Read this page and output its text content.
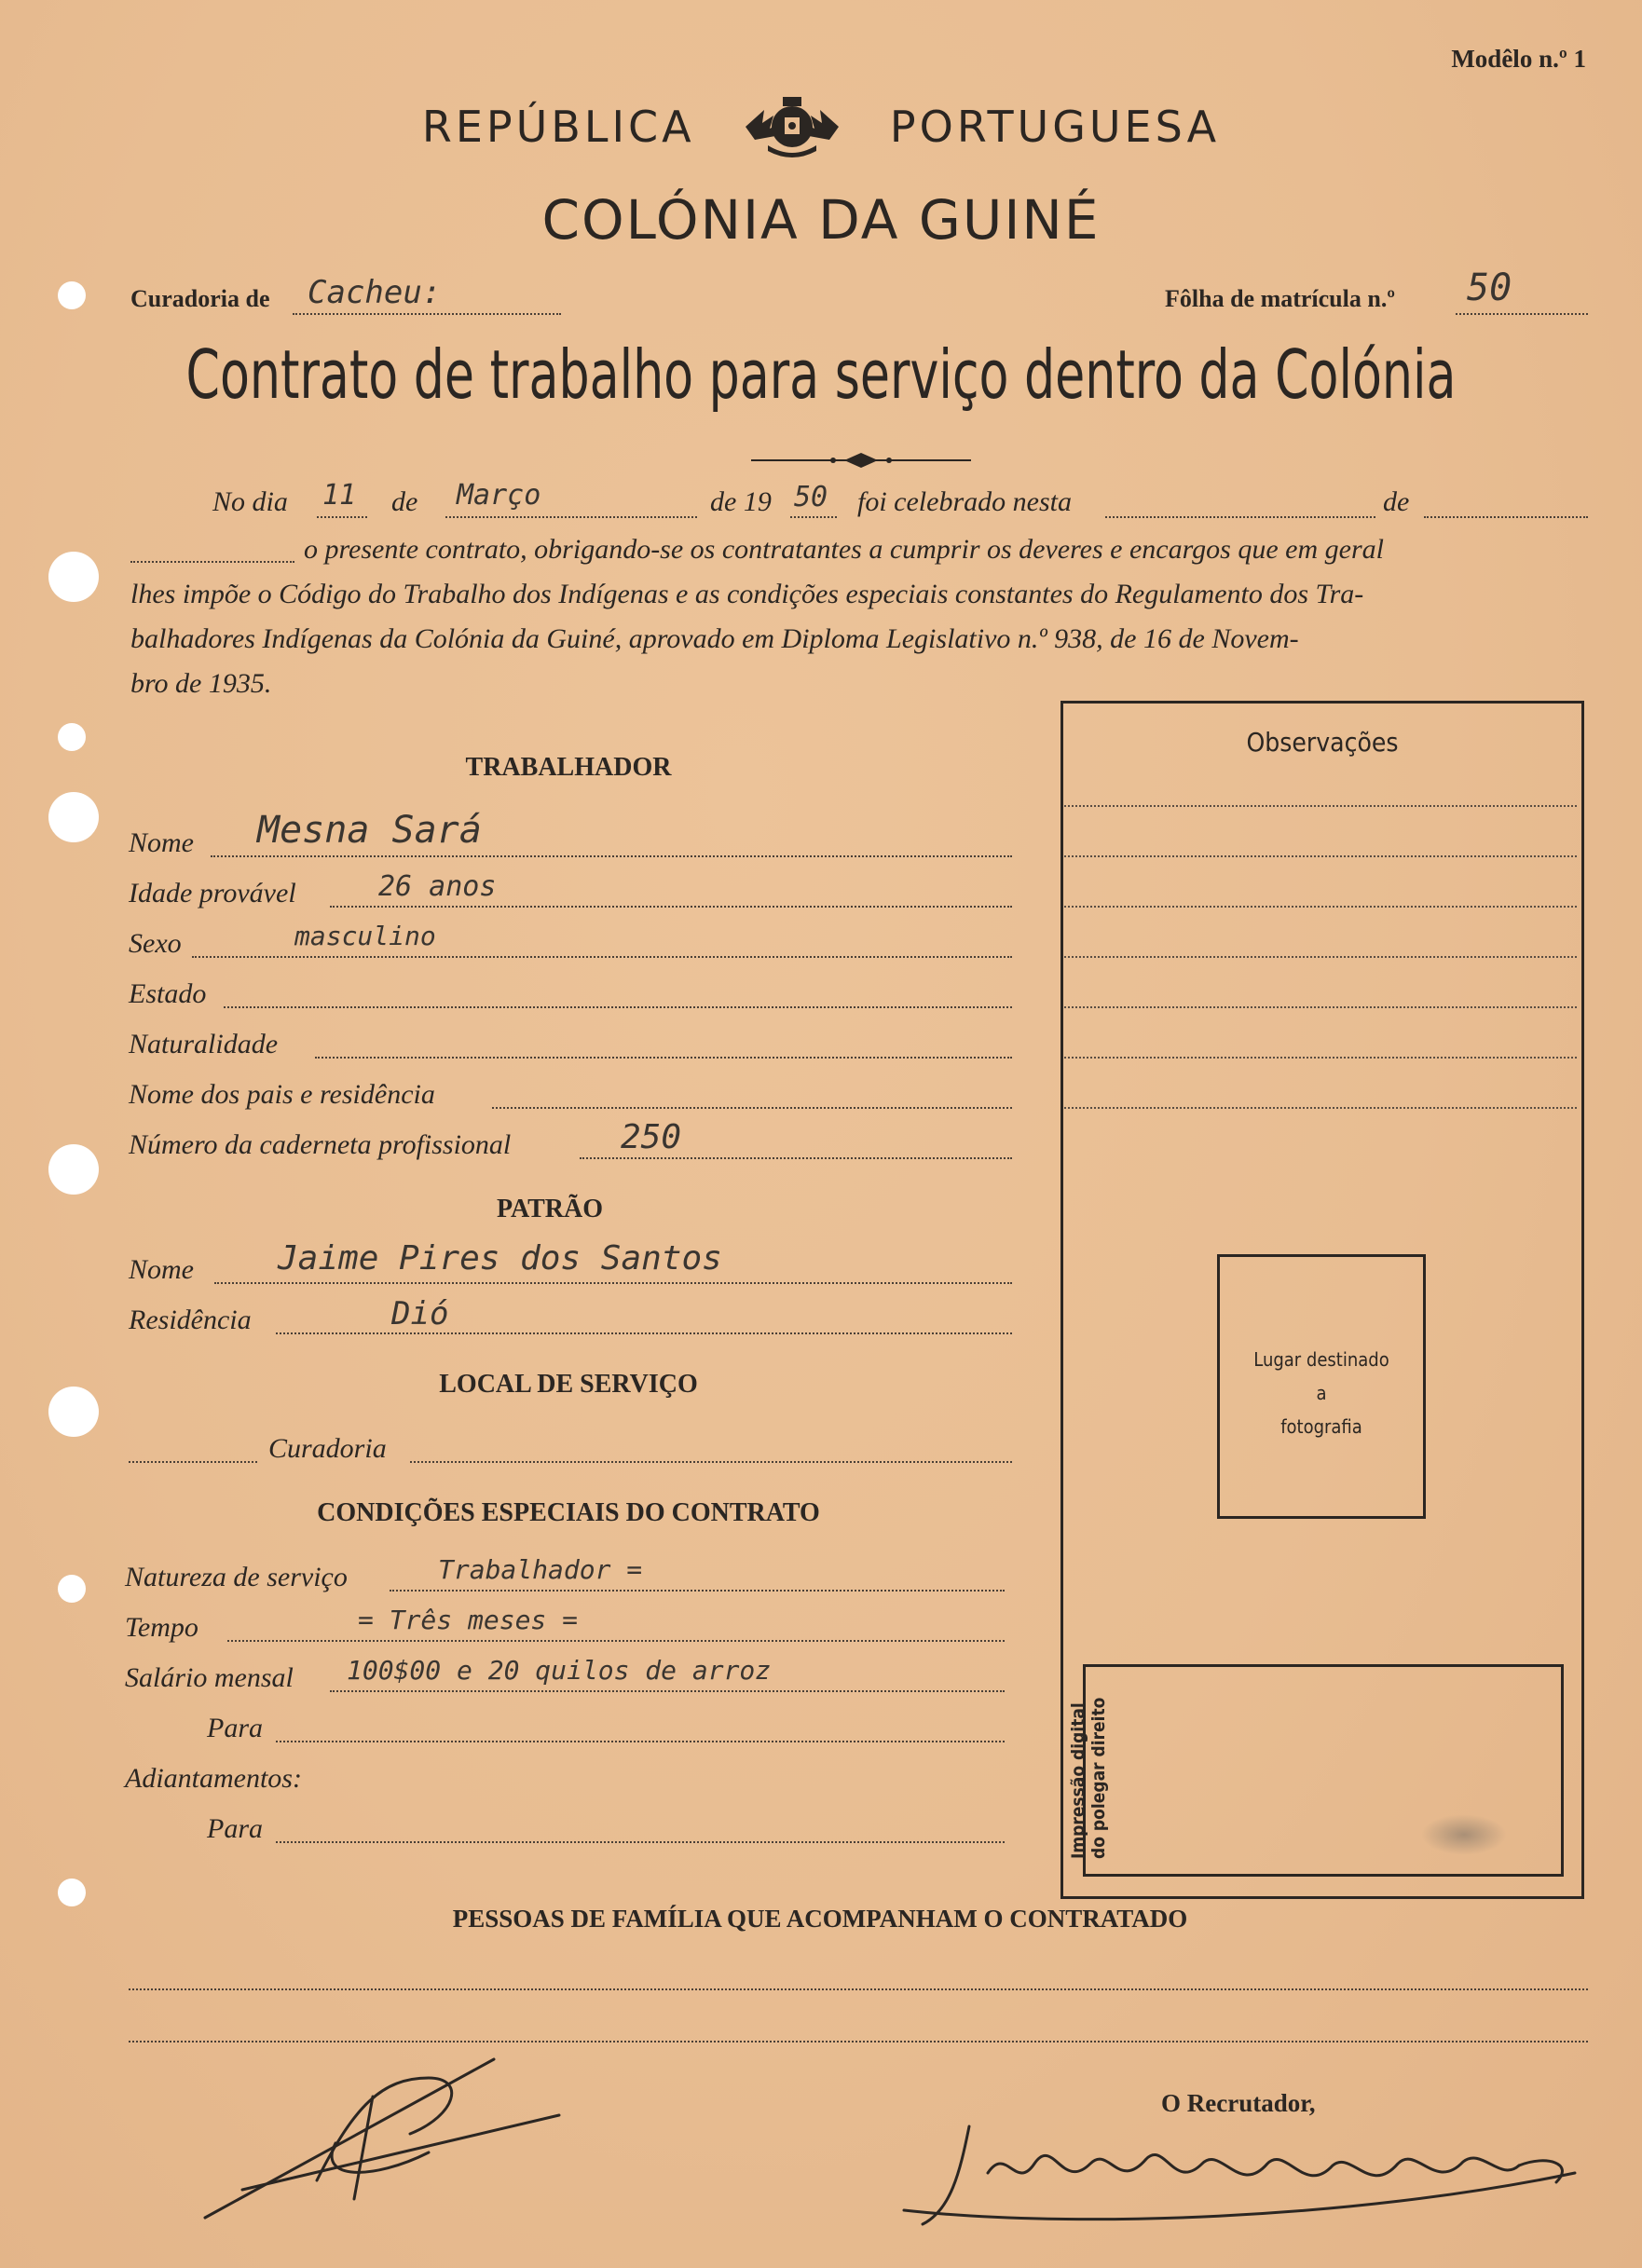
Modêlo n.º 1
REPÚBLICA	PORTUGUESA
COLÓNIA DA GUINÉ
Curadoria de Cacheu:	Fôlha de matrícula n.º 50
Contrato de trabalho para serviço dentro da Colónia
No dia 11 de Março	de 19 50 foi celebrado nesta	de
o presente contrato, obrigando-se os contratantes a cumprir os deveres e encargos que em geral
lhes impõe o Código do Trabalho dos Indígenas e as condições especiais constantes do Regulamento dos Tra-
balhadores Indígenas da Colónia da Guiné, aprovado em Diploma Legislativo n.º 938, de 16 de Novem-
bro de 1935.
TRABALHADOR
Nome Mesna Sará
Idade provável	26 anos
Sexo	masculino
Estado
Naturalidade
Nome dos pais e residência
Número da caderneta profissional	250
PATRÃO
Nome	Jaime Pires dos Santos
Residência	Dió
LOCAL DE SERVIÇO
Curadoria
CONDIÇÕES ESPECIAIS DO CONTRATO
Natureza de serviço	Trabalhador =
Tempo	= Três meses =
Salário mensal 100$00 e 20 quilos de arroz
Para
Adiantamentos:
Para
Observações
Lugar destinado
a
fotografia
Impressão digital do polegar direito
PESSOAS DE FAMÍLIA QUE ACOMPANHAM O CONTRATADO
O Recrutador,
